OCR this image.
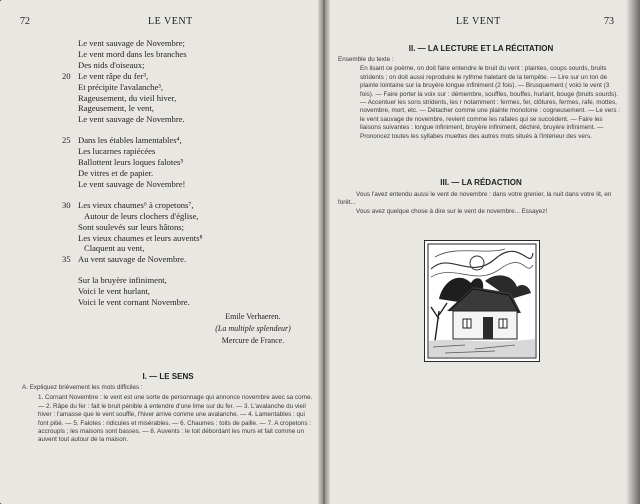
72	LE VENT
Le vent sauvage de Novembre;
Le vent mord dans les branches
Des nids d'oiseaux;
20 Le vent râpe du fer³,
Et précipite l'avalanche³,
Rageusement, du vieil hiver,
Rageusement, le vent,
Le vent sauvage de Novembre.
25 Dans les étables lamentables⁴,
Les lucarnes rapiécées
Ballottent leurs loques falotes⁵
De vitres et de papier.
Le vent sauvage de Novembre!
30 Les vieux chaumes⁶ à cropetons⁷,
Autour de leurs clochers d'église,
Sont soulevés sur leurs hâtons;
Les vieux chaumes et leurs auvents⁸
Claquent au vent,
35 Au vent sauvage de Novembre.
Sur la bruyère infiniment,
Voici le vent hurlant,
Voici le vent cornant Novembre.
Emile Verhaeren.
(La multiple splendeur)
Mercure de France.
I. — LE SENS
A. Expliquez brièvement les mots difficiles :
1. Cornant Novembre : le vent est une sorte de personnage qui annonce novembre avec sa corne. — 2. Râpe du fer : fait le bruit pénible à entendre d'une lime sur du fer. — 3. L'avalanche du vieil hiver : l'amasse que le vent souffle, l'hiver arrive comme une avalanche. — 4. Lamentables : qui font pitié. — 5. Falotes : ridicules et misérables. — 6. Chaumes : toits de paille. — 7. A cropetons : accroupis ; les maisons sont basses. — 8. Auvents : le toit débordant les murs et fait comme un auvent tout autour de la maison.
LE VENT	73
II. — LA LECTURE ET LA RÉCITATION
Ensemble du texte :
En lisant ce poème, on doit faire entendre le bruit du vent : plaintes, coups sourds, bruits stridents ; on doit aussi reproduire le rythme haletant de la tempête. — Lire sur un ton de plainte lointaine sur la bruyère longue infiniment (2 fois). — Brusquement ( voici le vent (3 fois). — Faire porter la voix sur : démembre, souffles, bouffes, hurlant, bouge (bruits sourds). — Accentuer les sons stridents, les r notamment : fermes, fer, clôtures, fermes, rafe, mottes, novembre, mort, etc. — Détacher comme une plainte monotone : cogneusement. — Le vers : le vent sauvage de novembre, revient comme les rafales qui se succèdent. — Faire les liaisons suivantes : longue infiniment, bruyère infiniment, déchiré, bruyère infiniment. — Prononcez toutes les syllabes muettes des autres mots situés à l'intérieur des vers.
III. — LA RÉDACTION
Vous l'avez entendu aussi le vent de novembre : dans votre grenier, la nuit dans votre lit, en forêt...
Vous avez quelque chose à dire sur le vent de novembre... Essayez!
